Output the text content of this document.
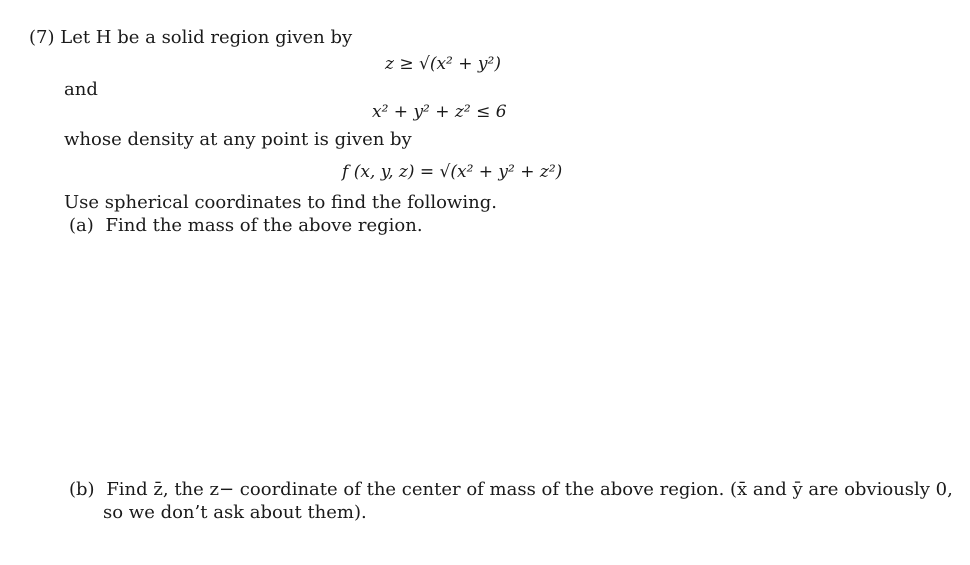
(7) Let H be a solid region given by
z ≥ √(x² + y²)
and
x² + y² + z² ≤ 6
whose density at any point is given by
f (x, y, z) = √(x² + y² + z²)
Use spherical coordinates to find the following.
(a) Find the mass of the above region.
(b) Find z̄, the z− coordinate of the center of mass of the above region. (x̄ and ȳ are obviously 0,
so we don’t ask about them).
